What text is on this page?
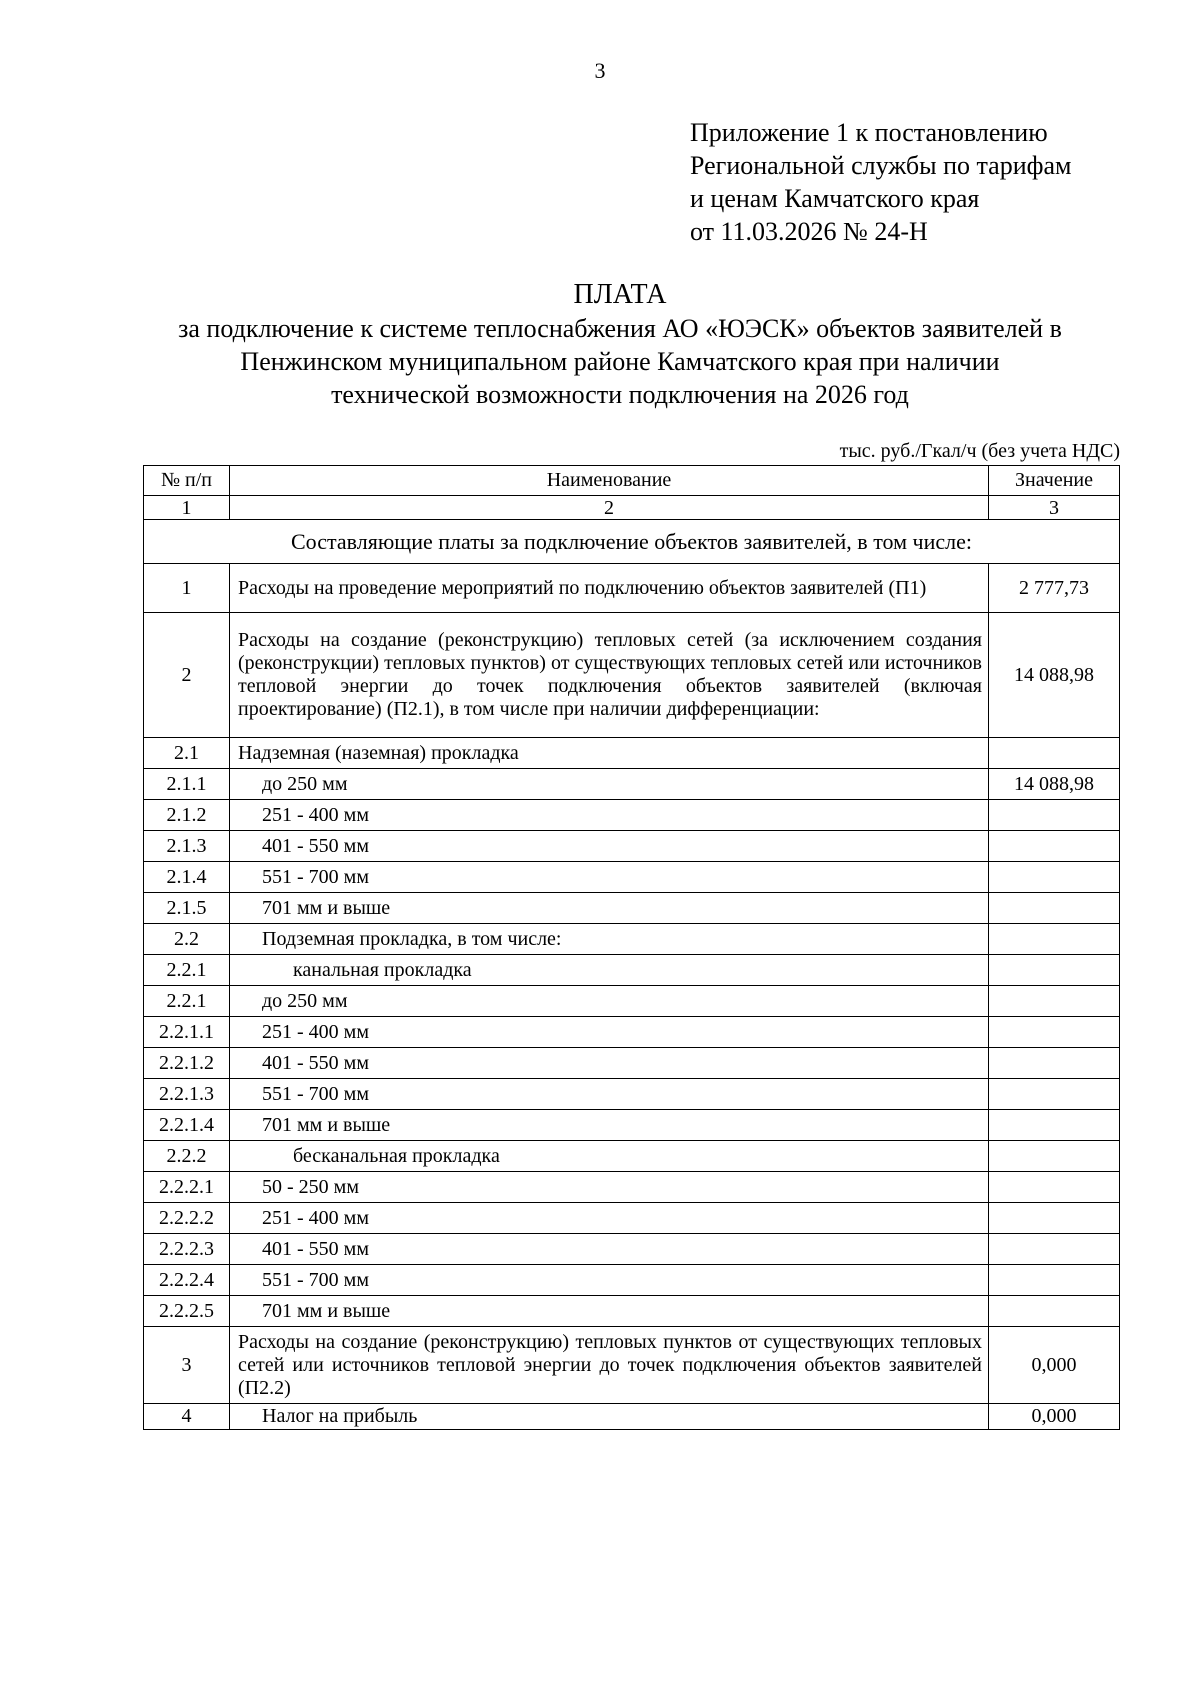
3
Приложение 1 к постановлению
Региональной службы по тарифам
и ценам Камчатского края
от 11.03.2026 № 24-Н
ПЛАТА
за подключение к системе теплоснабжения АО «ЮЭСК» объектов заявителей в
Пенжинском муниципальном районе Камчатского края при наличии
технической возможности подключения на 2026 год
тыс. руб./Гкал/ч (без учета НДС)
№ п/п	Наименование	Значение
1	2	3
Составляющие платы за подключение объектов заявителей, в том числе:		
1	Расходы на проведение мероприятий по подключению объектов заявителей (П1)	2 777,73
2	Расходы на создание (реконструкцию) тепловых сетей (за исключением создания (реконструкции) тепловых пунктов) от существующих тепловых сетей или источников тепловой энергии до точек подключения объектов заявителей (включая проектирование) (П2.1), в том числе при наличии дифференциации:	14 088,98
2.1	Надземная (наземная) прокладка	
2.1.1	до 250 мм	14 088,98
2.1.2	251 - 400 мм	
2.1.3	401 - 550 мм	
2.1.4	551 - 700 мм	
2.1.5	701 мм и выше	
2.2	Подземная прокладка, в том числе:	
2.2.1	канальная прокладка	
2.2.1	до 250 мм	
2.2.1.1	251 - 400 мм	
2.2.1.2	401 - 550 мм	
2.2.1.3	551 - 700 мм	
2.2.1.4	701 мм и выше	
2.2.2	бесканальная прокладка	
2.2.2.1	50 - 250 мм	
2.2.2.2	251 - 400 мм	
2.2.2.3	401 - 550 мм	
2.2.2.4	551 - 700 мм	
2.2.2.5	701 мм и выше	
3	Расходы на создание (реконструкцию) тепловых пунктов от существующих тепловых сетей или источников тепловой энергии до точек подключения объектов заявителей (П2.2)	0,000
4	Налог на прибыль	0,000
